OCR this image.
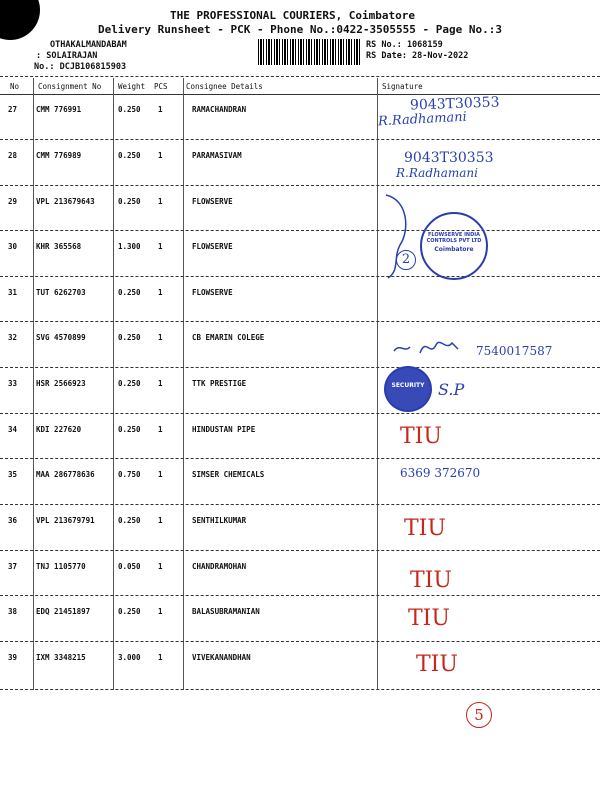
THE PROFESSIONAL COURIERS, Coimbatore
Delivery Runsheet - PCK - Phone No.:0422-3505555 - Page No.:3
OTHAKALMANDABAM
: SOLAIRAJAN
No.: DCJB106815903
RS No.: 1068159
RS Date: 28-Nov-2022
No	Consignment No Weight PCS Consignee Details	Signature
27	CMM 776991	0.250 1	RAMACHANDRAN
28	CMM 776989	0.250 1	PARAMASIVAM
29	VPL 213679643	0.250 1	FLOWSERVE
30	KHR 365568	1.300 1	FLOWSERVE
31	TUT 6262703	0.250 1	FLOWSERVE
32	SVG 4570899	0.250 1	CB EMARIN COLEGE
33	HSR 2566923	0.250 1	TTK PRESTIGE
34	KDI 227620	0.250 1	HINDUSTAN PIPE
35	MAA 286778636	0.750 1	SIMSER CHEMICALS
36	VPL 213679791	0.250 1	SENTHILKUMAR
37	TNJ 1105770	0.050 1	CHANDRAMOHAN
38	EDQ 21451897	0.250 1	BALASUBRAMANIAN
39	IXM 3348215	3.000 1	VIVEKANANDHAN
9043T30353
R.Radhamani
9043T30353
R.Radhamani
2
FLOWSERVE INDIA CONTROLS PVT LTD
Coimbatore
7540017587
SECURITY S.P
TIU
6369 372670
TIU
TIU
TIU
TIU
5
